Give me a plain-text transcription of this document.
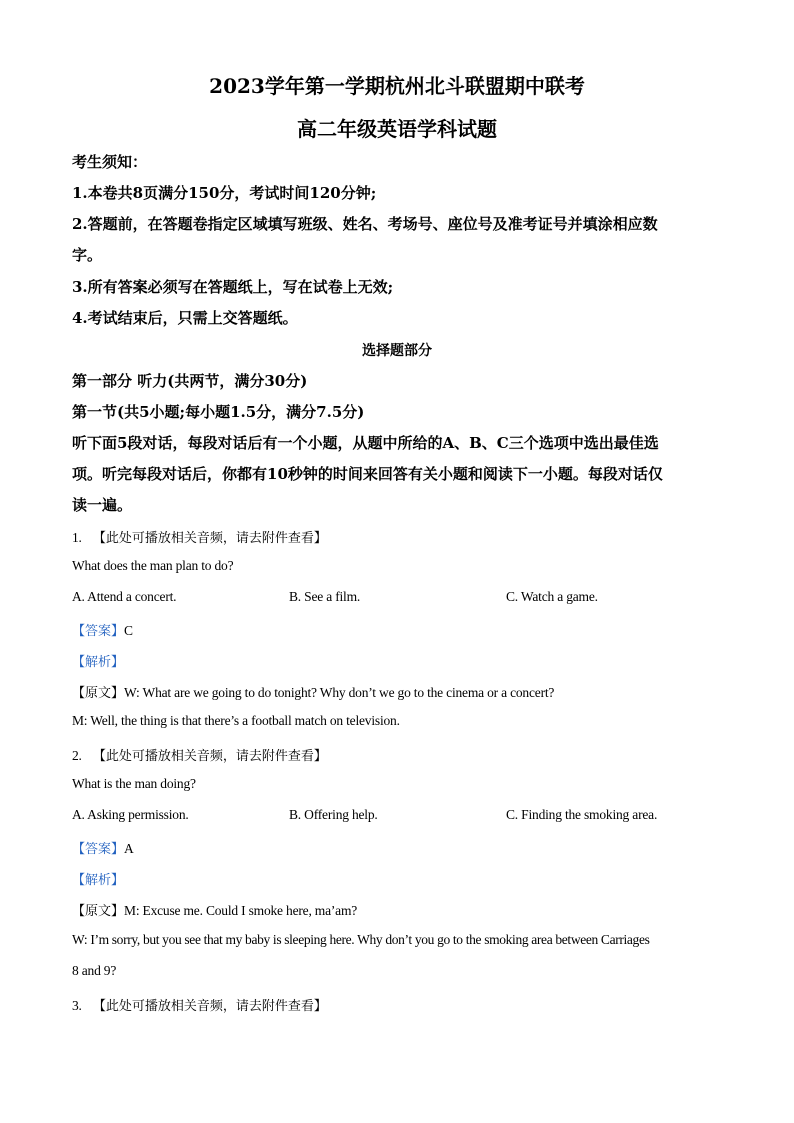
2023学年第一学期杭州北斗联盟期中联考
高二年级英语学科试题
考生须知：
1.本卷共8页满分150分，考试时间120分钟;
2.答题前，在答题卷指定区域填写班级、姓名、考场号、座位号及准考证号并填涂相应数
字。
3.所有答案必须写在答题纸上，写在试卷上无效;
4.考试结束后，只需上交答题纸。
选择题部分
第一部分 听力(共两节，满分30分)
第一节(共5小题;每小题1.5分，满分7.5分)
听下面5段对话，每段对话后有一个小题，从题中所给的A、B、C三个选项中选出最佳选
项。听完每段对话后，你都有10秒钟的时间来回答有关小题和阅读下一小题。每段对话仅
读一遍。
1. 【此处可播放相关音频，请去附件查看】
What does the man plan to do?
A. Attend a concert.	B. See a film.	C. Watch a game.
【答案】C
【解析】
【原文】W: What are we going to do tonight? Why don’t we go to the cinema or a concert?
M: Well, the thing is that there’s a football match on television.
2. 【此处可播放相关音频，请去附件查看】
What is the man doing?
A. Asking permission.	B. Offering help.	C. Finding the smoking area.
【答案】A
【解析】
【原文】M: Excuse me. Could I smoke here, ma’am?
W: I’m sorry, but you see that my baby is sleeping here. Why don’t you go to the smoking area between Carriages
8 and 9?
3. 【此处可播放相关音频，请去附件查看】
